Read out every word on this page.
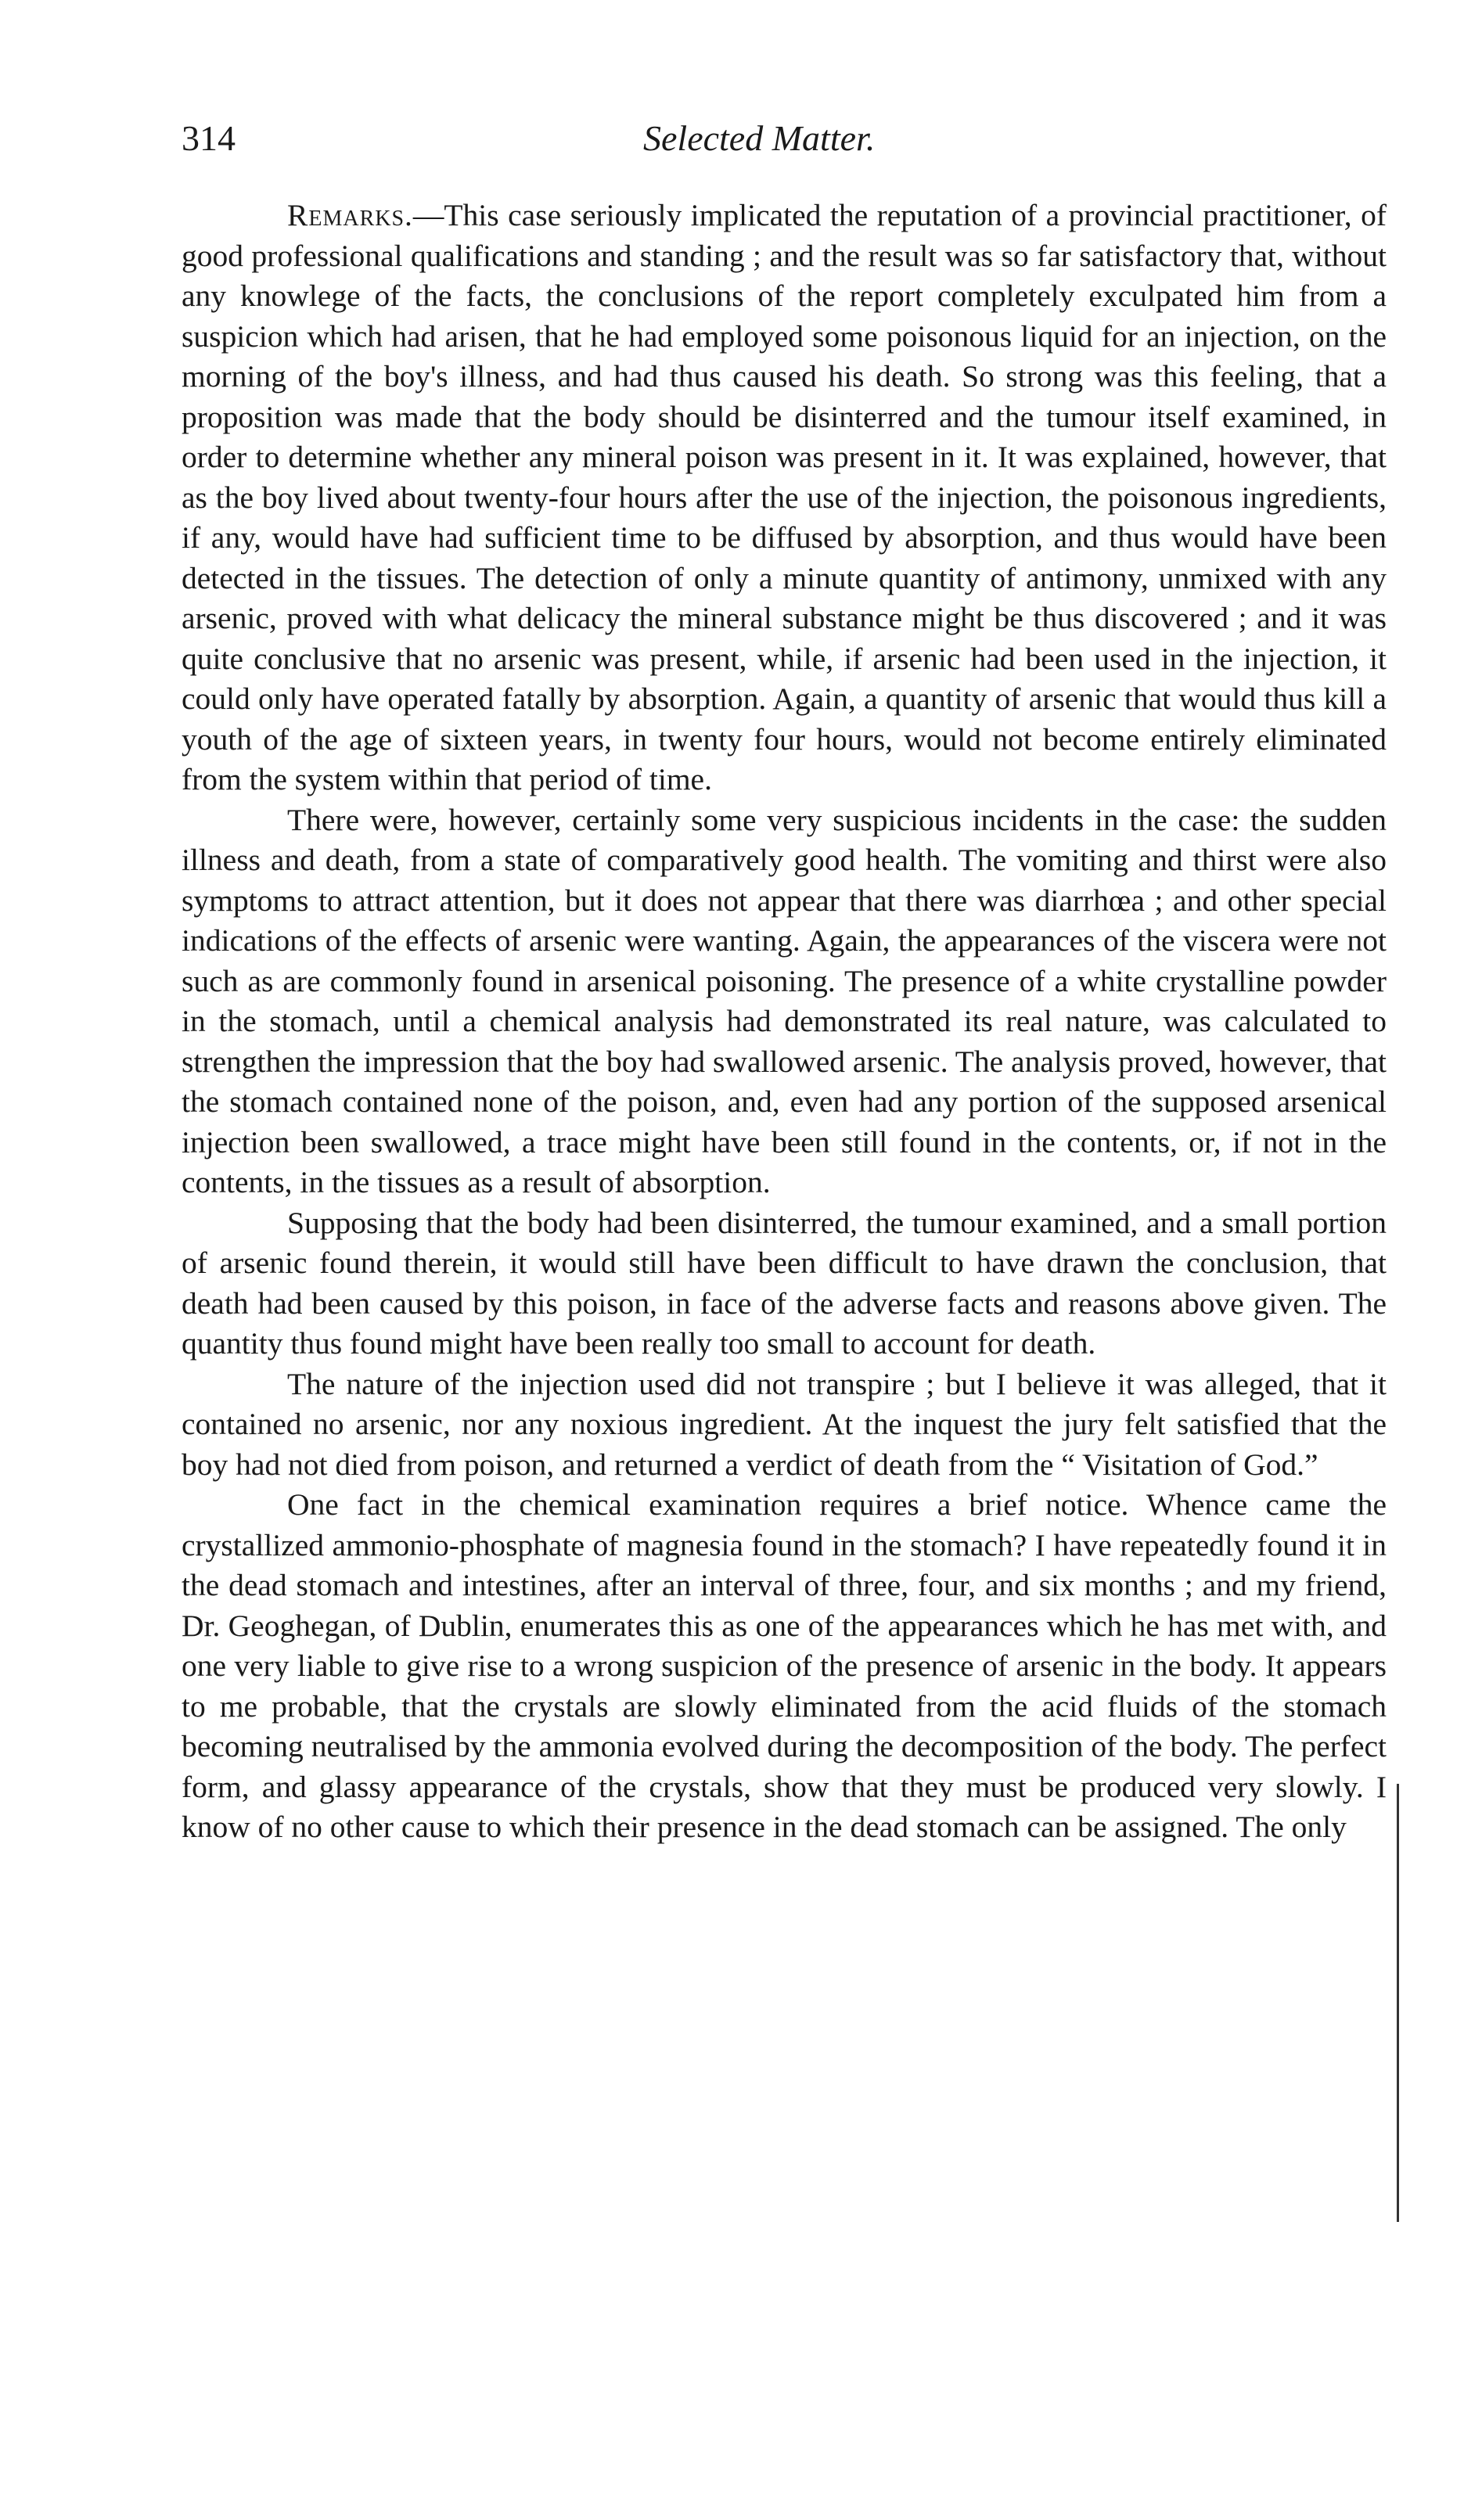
314	Selected Matter.

Remarks.—This case seriously implicated the reputation of a provincial practitioner, of good professional qualifications and standing ; and the result was so far satisfactory that, without any knowlege of the facts, the conclusions of the report completely exculpated him from a suspicion which had arisen, that he had employed some poisonous liquid for an injection, on the morning of the boy's illness, and had thus caused his death. So strong was this feeling, that a proposition was made that the body should be disinterred and the tumour itself examined, in order to determine whether any mineral poison was present in it. It was explained, however, that as the boy lived about twenty-four hours after the use of the injection, the poisonous ingredients, if any, would have had sufficient time to be diffused by absorption, and thus would have been detected in the tissues. The detection of only a minute quantity of antimony, unmixed with any arsenic, proved with what delicacy the mineral substance might be thus discovered ; and it was quite conclusive that no arsenic was present, while, if arsenic had been used in the injection, it could only have operated fatally by absorption. Again, a quantity of arsenic that would thus kill a youth of the age of sixteen years, in twenty four hours, would not become entirely eliminated from the system within that period of time.

There were, however, certainly some very suspicious incidents in the case: the sudden illness and death, from a state of comparatively good health. The vomiting and thirst were also symptoms to attract attention, but it does not appear that there was diarrhœa ; and other special indications of the effects of arsenic were wanting. Again, the appearances of the viscera were not such as are commonly found in arsenical poisoning. The presence of a white crystalline powder in the stomach, until a chemical analysis had demonstrated its real nature, was calculated to strengthen the impression that the boy had swallowed arsenic. The analysis proved, however, that the stomach contained none of the poison, and, even had any portion of the supposed arsenical injection been swallowed, a trace might have been still found in the contents, or, if not in the contents, in the tissues as a result of absorption.

Supposing that the body had been disinterred, the tumour examined, and a small portion of arsenic found therein, it would still have been difficult to have drawn the conclusion, that death had been caused by this poison, in face of the adverse facts and reasons above given. The quantity thus found might have been really too small to account for death.

The nature of the injection used did not transpire ; but I believe it was alleged, that it contained no arsenic, nor any noxious ingredient. At the inquest the jury felt satisfied that the boy had not died from poison, and returned a verdict of death from the “ Visitation of God.”

One fact in the chemical examination requires a brief notice. Whence came the crystallized ammonio-phosphate of magnesia found in the stomach? I have repeatedly found it in the dead stomach and intestines, after an interval of three, four, and six months ; and my friend, Dr. Geoghegan, of Dublin, enumerates this as one of the appearances which he has met with, and one very liable to give rise to a wrong suspicion of the presence of arsenic in the body. It appears to me probable, that the crystals are slowly eliminated from the acid fluids of the stomach becoming neutralised by the ammonia evolved during the decomposition of the body. The perfect form, and glassy appearance of the crystals, show that they must be produced very slowly. I know of no other cause to which their presence in the dead stomach can be assigned. The only
